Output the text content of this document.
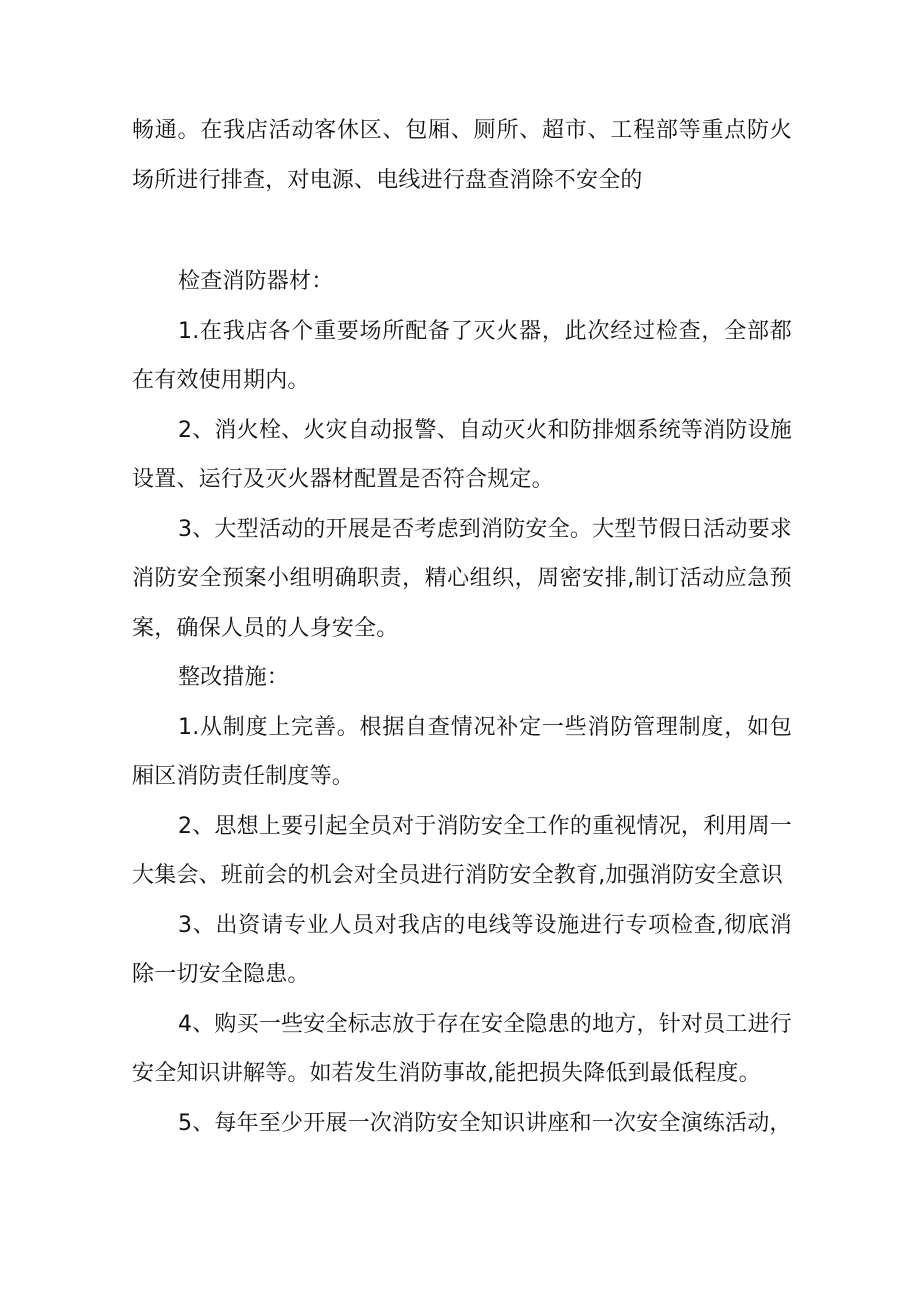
畅通。在我店活动客休区、包厢、厕所、超市、工程部等重点防火场所进行排查，对电源、电线进行盘查消除不安全的

检查消防器材：

1.在我店各个重要场所配备了灭火器，此次经过检查，全部都在有效使用期内。

2、消火栓、火灾自动报警、自动灭火和防排烟系统等消防设施设置、运行及灭火器材配置是否符合规定。

3、大型活动的开展是否考虑到消防安全。大型节假日活动要求消防安全预案小组明确职责，精心组织，周密安排,制订活动应急预案，确保人员的人身安全。

整改措施：

1.从制度上完善。根据自查情况补定一些消防管理制度，如包厢区消防责任制度等。

2、思想上要引起全员对于消防安全工作的重视情况，利用周一大集会、班前会的机会对全员进行消防安全教育,加强消防安全意识

3、出资请专业人员对我店的电线等设施进行专项检查,彻底消除一切安全隐患。

4、购买一些安全标志放于存在安全隐患的地方，针对员工进行安全知识讲解等。如若发生消防事故,能把损失降低到最低程度。

5、每年至少开展一次消防安全知识讲座和一次安全演练活动，
